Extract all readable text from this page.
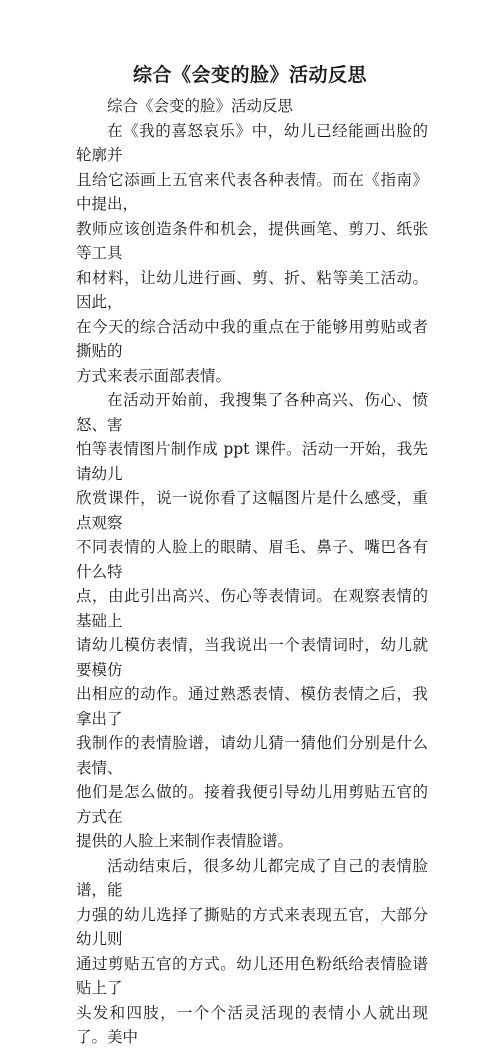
综合《会变的脸》活动反思

综合《会变的脸》活动反思

在《我的喜怒哀乐》中，幼儿已经能画出脸的轮廓并
且给它添画上五官来代表各种表情。而在《指南》中提出，
教师应该创造条件和机会，提供画笔、剪刀、纸张等工具
和材料，让幼儿进行画、剪、折、粘等美工活动。因此，
在今天的综合活动中我的重点在于能够用剪贴或者撕贴的
方式来表示面部表情。

在活动开始前，我搜集了各种高兴、伤心、愤怒、害
怕等表情图片制作成 ppt 课件。活动一开始，我先请幼儿
欣赏课件，说一说你看了这幅图片是什么感受，重点观察
不同表情的人脸上的眼睛、眉毛、鼻子、嘴巴各有什么特
点，由此引出高兴、伤心等表情词。在观察表情的基础上
请幼儿模仿表情，当我说出一个表情词时，幼儿就要模仿
出相应的动作。通过熟悉表情、模仿表情之后，我拿出了
我制作的表情脸谱，请幼儿猜一猜他们分别是什么表情、
他们是怎么做的。接着我便引导幼儿用剪贴五官的方式在
提供的人脸上来制作表情脸谱。

活动结束后，很多幼儿都完成了自己的表情脸谱，能
力强的幼儿选择了撕贴的方式来表现五官，大部分幼儿则
通过剪贴五官的方式。幼儿还用色粉纸给表情脸谱贴上了
头发和四肢，一个个活灵活现的表情小人就出现了。美中
